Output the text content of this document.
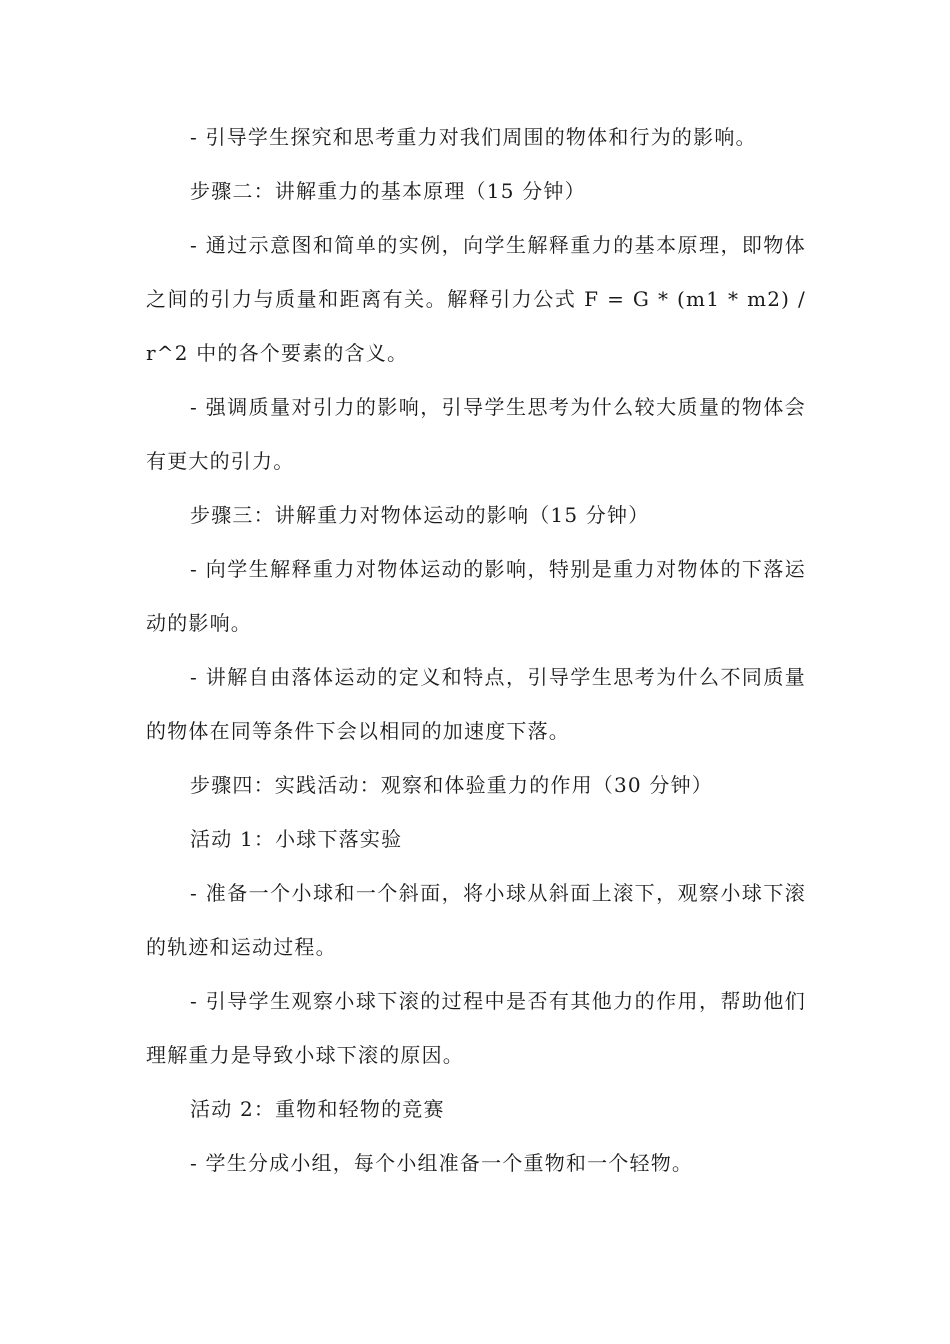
- 引导学生探究和思考重力对我们周围的物体和行为的影响。

步骤二：讲解重力的基本原理（15 分钟）

- 通过示意图和简单的实例，向学生解释重力的基本原理，即物体之间的引力与质量和距离有关。解释引力公式 F = G * (m1 * m2) / r^2 中的各个要素的含义。

- 强调质量对引力的影响，引导学生思考为什么较大质量的物体会有更大的引力。

步骤三：讲解重力对物体运动的影响（15 分钟）

- 向学生解释重力对物体运动的影响，特别是重力对物体的下落运动的影响。

- 讲解自由落体运动的定义和特点，引导学生思考为什么不同质量的物体在同等条件下会以相同的加速度下落。

步骤四：实践活动：观察和体验重力的作用（30 分钟）

活动 1：小球下落实验

- 准备一个小球和一个斜面，将小球从斜面上滚下，观察小球下滚的轨迹和运动过程。

- 引导学生观察小球下滚的过程中是否有其他力的作用，帮助他们理解重力是导致小球下滚的原因。

活动 2：重物和轻物的竞赛

- 学生分成小组，每个小组准备一个重物和一个轻物。
